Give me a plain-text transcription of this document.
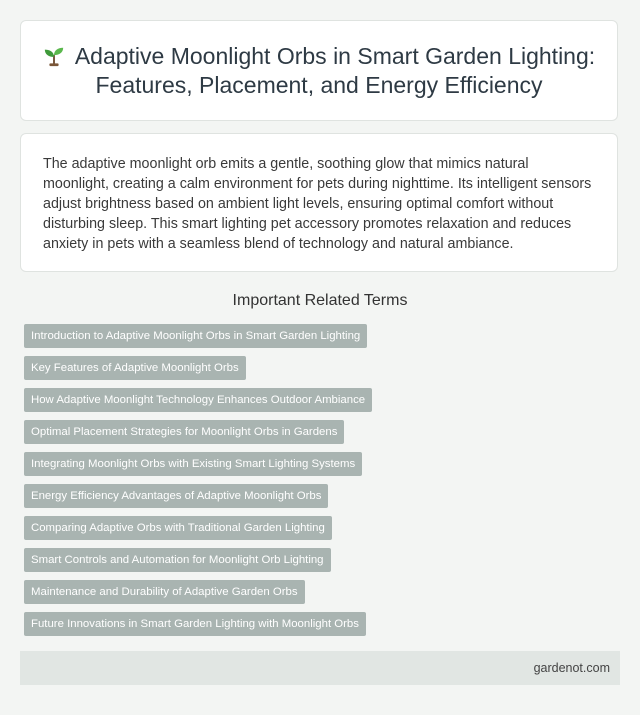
Adaptive Moonlight Orbs in Smart Garden Lighting: Features, Placement, and Energy Efficiency

The adaptive moonlight orb emits a gentle, soothing glow that mimics natural moonlight, creating a calm environment for pets during nighttime. Its intelligent sensors adjust brightness based on ambient light levels, ensuring optimal comfort without disturbing sleep. This smart lighting pet accessory promotes relaxation and reduces anxiety in pets with a seamless blend of technology and natural ambiance.

Important Related Terms
Introduction to Adaptive Moonlight Orbs in Smart Garden Lighting
Key Features of Adaptive Moonlight Orbs
How Adaptive Moonlight Technology Enhances Outdoor Ambiance
Optimal Placement Strategies for Moonlight Orbs in Gardens
Integrating Moonlight Orbs with Existing Smart Lighting Systems
Energy Efficiency Advantages of Adaptive Moonlight Orbs
Comparing Adaptive Orbs with Traditional Garden Lighting
Smart Controls and Automation for Moonlight Orb Lighting
Maintenance and Durability of Adaptive Garden Orbs
Future Innovations in Smart Garden Lighting with Moonlight Orbs
gardenot.com
